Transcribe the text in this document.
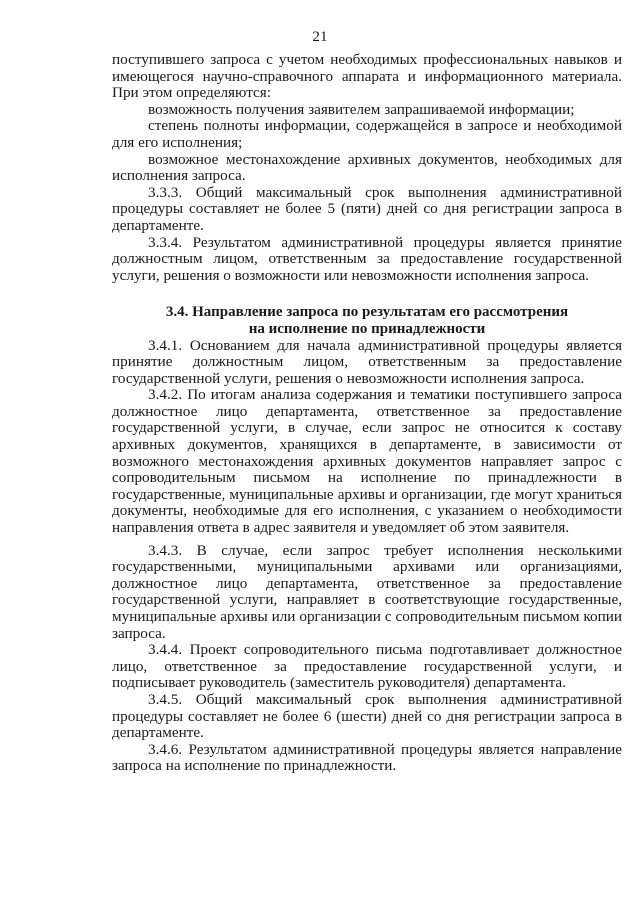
21

поступившего запроса с учетом необходимых профессиональных навыков и имеющегося научно-справочного аппарата и информационного материала. При этом определяются:

возможность получения заявителем запрашиваемой информации;

степень полноты информации, содержащейся в запросе и необходимой для его исполнения;

возможное местонахождение архивных документов, необходимых для исполнения запроса.

3.3.3. Общий максимальный срок выполнения административной процедуры составляет не более 5 (пяти) дней со дня регистрации запроса в департаменте.

3.3.4. Результатом административной процедуры является принятие должностным лицом, ответственным за предоставление государственной услуги, решения о возможности или невозможности исполнения запроса.

3.4. Направление запроса по результатам его рассмотрения

на исполнение по принадлежности

3.4.1. Основанием для начала административной процедуры является принятие должностным лицом, ответственным за предоставление государственной услуги, решения о невозможности исполнения запроса.

3.4.2. По итогам анализа содержания и тематики поступившего запроса должностное лицо департамента, ответственное за предоставление государственной услуги, в случае, если запрос не относится к составу архивных документов, хранящихся в департаменте, в зависимости от возможного местонахождения архивных документов направляет запрос с сопроводительным письмом на исполнение по принадлежности в государственные, муниципальные архивы и организации, где могут храниться документы, необходимые для его исполнения, с указанием о необходимости направления ответа в адрес заявителя и уведомляет об этом заявителя.

3.4.3. В случае, если запрос требует исполнения несколькими государственными, муниципальными архивами или организациями, должностное лицо департамента, ответственное за предоставление государственной услуги, направляет в соответствующие государственные, муниципальные архивы или организации с сопроводительным письмом копии запроса.

3.4.4. Проект сопроводительного письма подготавливает должностное лицо, ответственное за предоставление государственной услуги, и подписывает руководитель (заместитель руководителя) департамента.

3.4.5. Общий максимальный срок выполнения административной процедуры составляет не более 6 (шести) дней со дня регистрации запроса в департаменте.

3.4.6. Результатом административной процедуры является направление запроса на исполнение по принадлежности.
